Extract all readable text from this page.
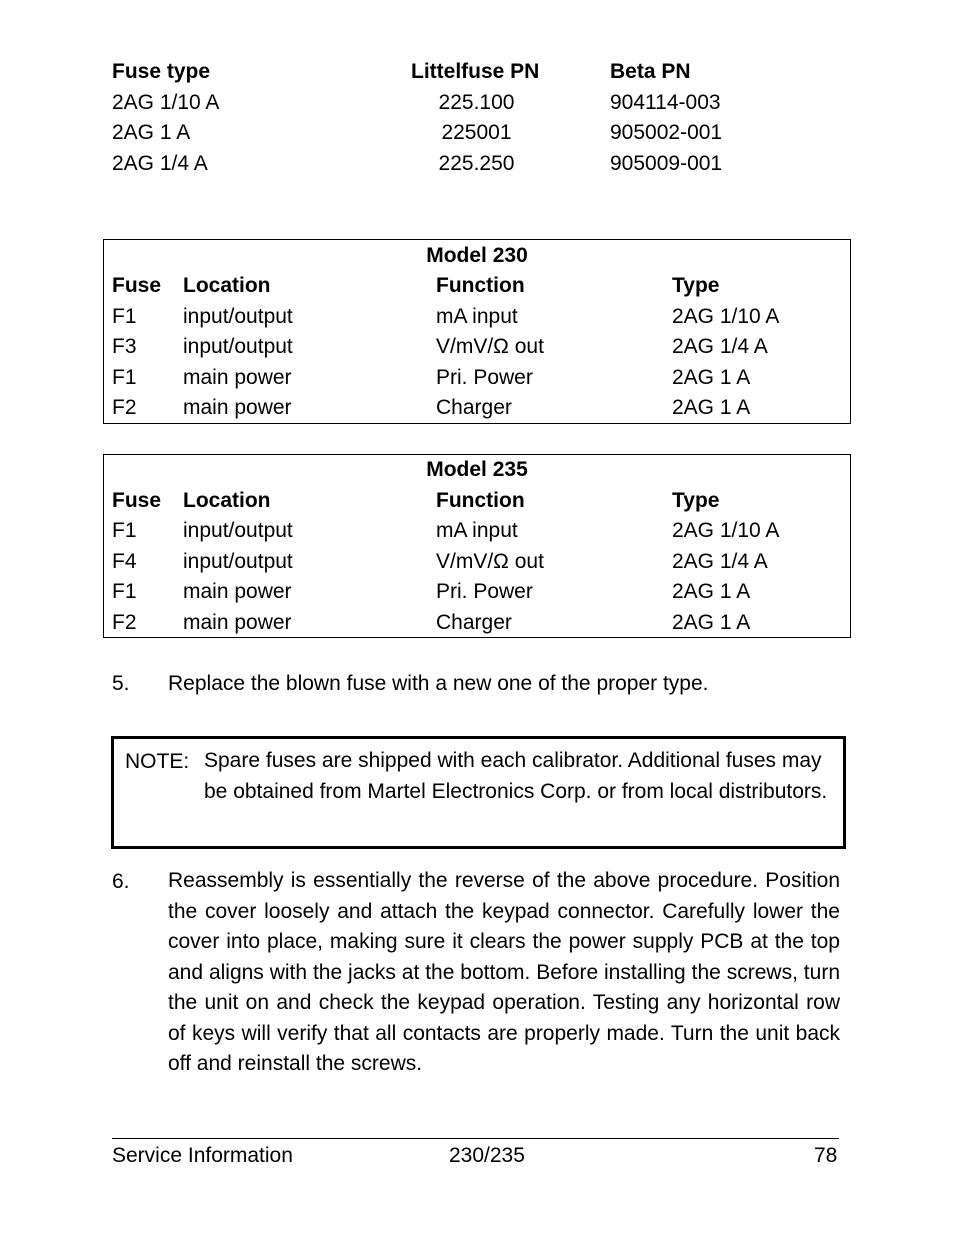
Fuse type	Littelfuse PN	Beta PN
2AG 1/10 A	225.100	904114-003
2AG 1 A	225001	905002-001
2AG 1/4 A	225.250	905009-001
Model 230
Fuse Location	Function	Type
F1 input/output	mA input	2AG 1/10 A
F3 input/output	V/mV/Ω out	2AG 1/4 A
F1 main power	Pri. Power	2AG 1 A
F2 main power	Charger	2AG 1 A
Model 235
Fuse Location	Function	Type
F1 input/output	mA input	2AG 1/10 A
F4 input/output	V/mV/Ω out	2AG 1/4 A
F1 main power	Pri. Power	2AG 1 A
F2 main power	Charger	2AG 1 A
5. Replace the blown fuse with a new one of the proper type.
NOTE: Spare fuses are shipped with each calibrator. Additional fuses may be obtained from Martel Electronics Corp. or from local distributors.
6. Reassembly is essentially the reverse of the above procedure. Position the cover loosely and attach the keypad connector. Carefully lower the cover into place, making sure it clears the power supply PCB at the top and aligns with the jacks at the bottom. Before installing the screws, turn the unit on and check the keypad operation. Testing any horizontal row of keys will verify that all contacts are properly made. Turn the unit back off and reinstall the screws.
Service Information	230/235	78
